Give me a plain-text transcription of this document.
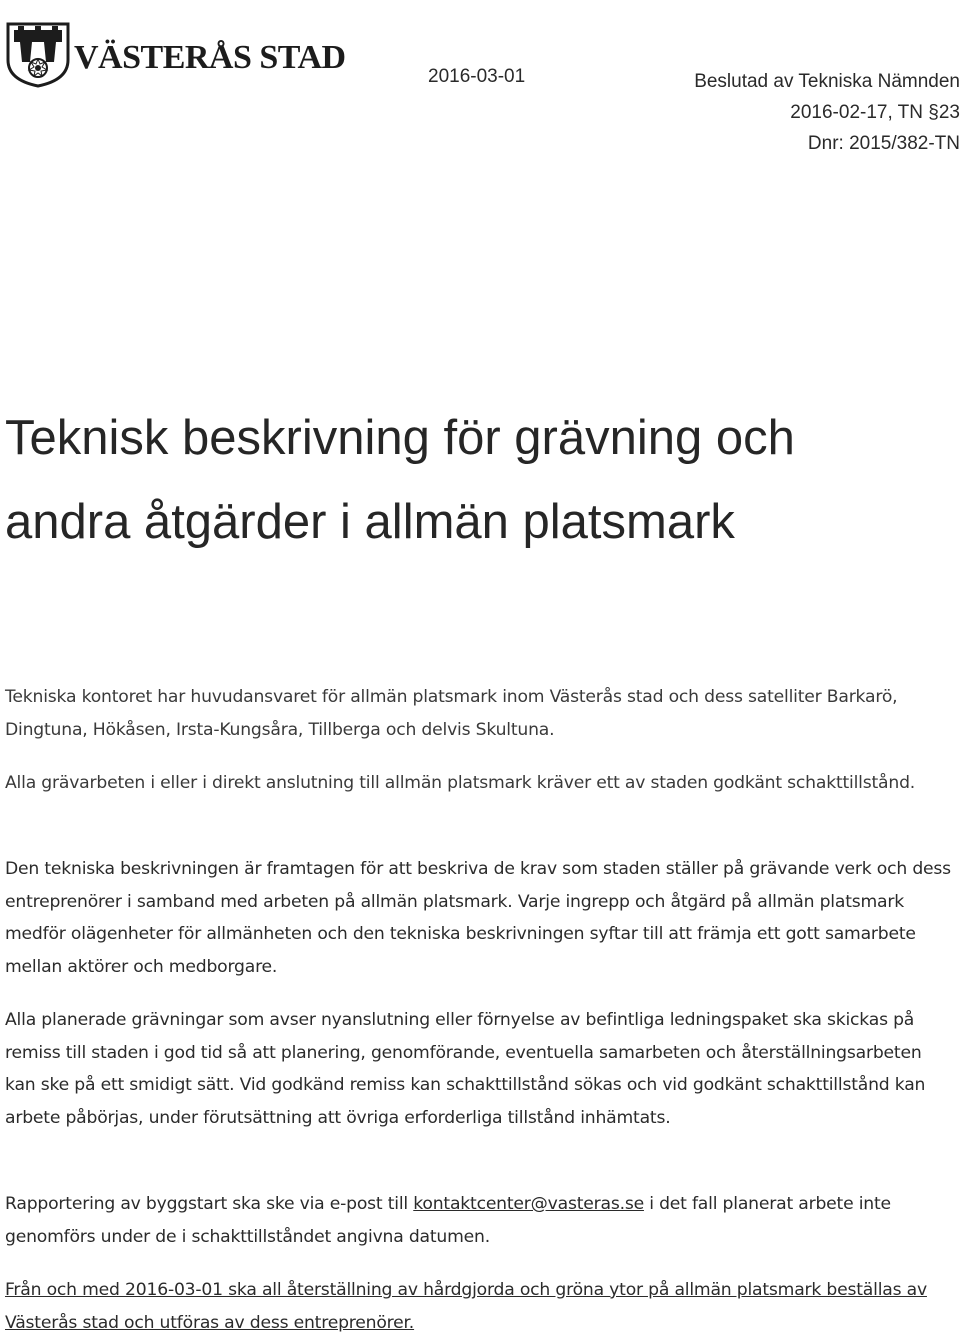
VÄSTERÅS STAD
2016-03-01	Beslutad av Tekniska Nämnden
2016-02-17, TN §23
Dnr: 2015/382-TN
Teknisk beskrivning för grävning och
andra åtgärder i allmän platsmark

Tekniska kontoret har huvudansvaret för allmän platsmark inom Västerås stad och dess satelliter Barkarö, Dingtuna, Hökåsen, Irsta-Kungsåra, Tillberga och delvis Skultuna.

Alla grävarbeten i eller i direkt anslutning till allmän platsmark kräver ett av staden godkänt schakttillstånd.

Den tekniska beskrivningen är framtagen för att beskriva de krav som staden ställer på grävande verk och dess entreprenörer i samband med arbeten på allmän platsmark. Varje ingrepp och åtgärd på allmän platsmark medför olägenheter för allmänheten och den tekniska beskrivningen syftar till att främja ett gott samarbete mellan aktörer och medborgare.

Alla planerade grävningar som avser nyanslutning eller förnyelse av befintliga ledningspaket ska skickas på remiss till staden i god tid så att planering, genomförande, eventuella samarbeten och återställningsarbeten kan ske på ett smidigt sätt. Vid godkänd remiss kan schakttillstånd sökas och vid godkänt schakttillstånd kan arbete påbörjas, under förutsättning att övriga erforderliga tillstånd inhämtats.

Rapportering av byggstart ska ske via e-post till kontaktcenter@vasteras.se i det fall planerat arbete inte genomförs under de i schakttillståndet angivna datumen.

Från och med 2016-03-01 ska all återställning av hårdgjorda och gröna ytor på allmän platsmark beställas av Västerås stad och utföras av dess entreprenörer.
